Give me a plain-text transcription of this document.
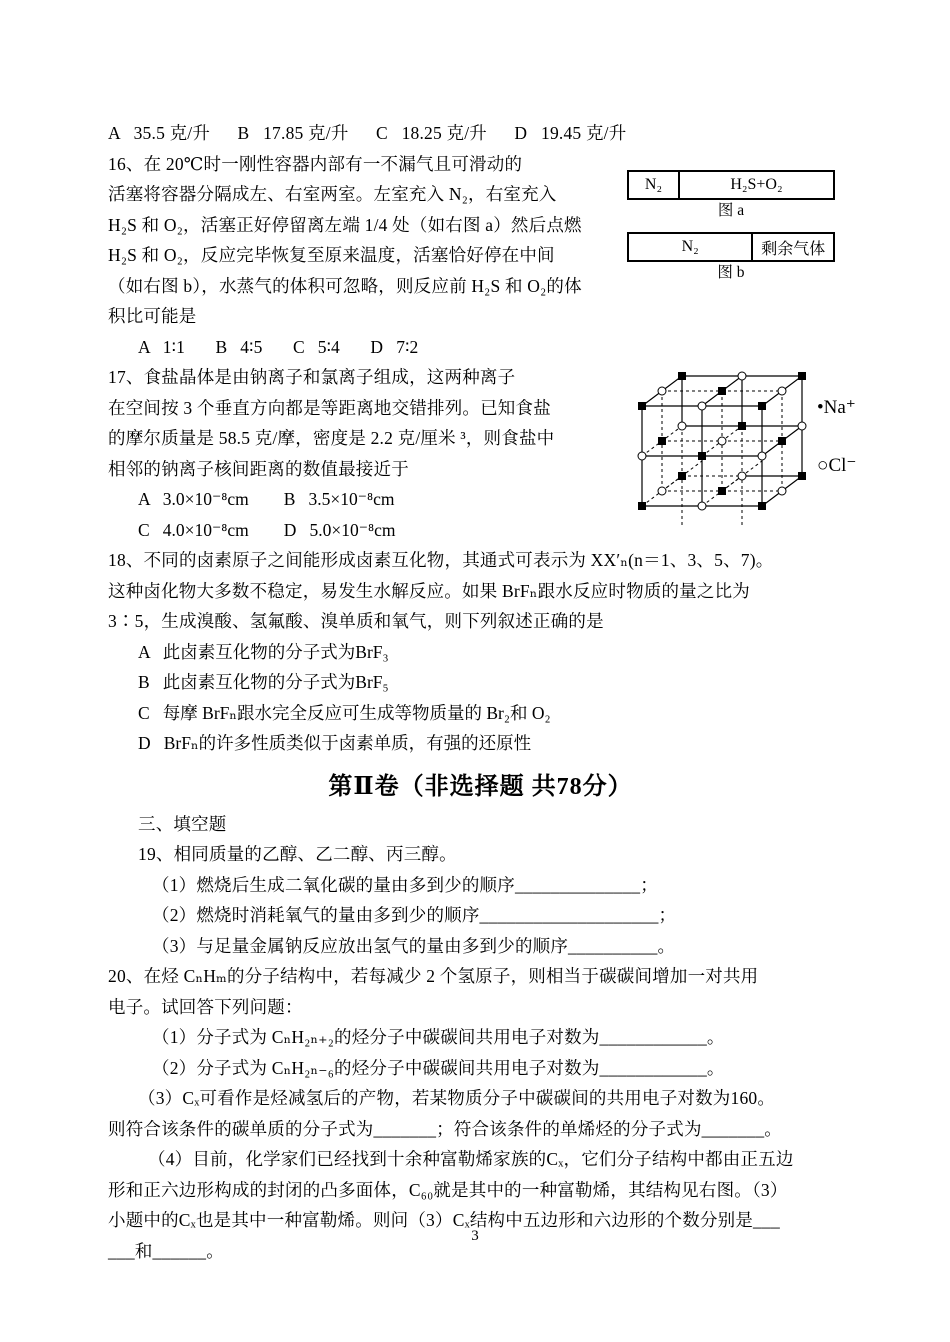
A   35.5 克/升      B   17.85 克/升      C   18.25 克/升      D   19.45 克/升
16、在 20℃时一刚性容器内部有一不漏气且可滑动的
活塞将容器分隔成左、右室两室。左室充入 N₂，右室充入
H₂S 和 O₂，活塞正好停留离左端 1/4 处（如右图 a）然后点燃
H₂S 和 O₂，反应完毕恢复至原来温度，活塞恰好停在中间
（如右图 b），水蒸气的体积可忽略，则反应前 H₂S 和 O₂的体
积比可能是
A   1∶1       B   4∶5       C   5∶4       D   7∶2
17、食盐晶体是由钠离子和氯离子组成，这两种离子
在空间按 3 个垂直方向都是等距离地交错排列。已知食盐
的摩尔质量是 58.5 克/摩，密度是 2.2 克/厘米 ³，则食盐中
相邻的钠离子核间距离的数值最接近于
A   3.0×10⁻⁸cm        B   3.5×10⁻⁸cm
C   4.0×10⁻⁸cm        D   5.0×10⁻⁸cm
18、不同的卤素原子之间能形成卤素互化物，其通式可表示为 XX′ₙ(n＝1、3、5、7)。
这种卤化物大多数不稳定，易发生水解反应。如果 BrFₙ跟水反应时物质的量之比为
3∶5，生成溴酸、氢氟酸、溴单质和氧气，则下列叙述正确的是
A   此卤素互化物的分子式为BrF₃
B   此卤素互化物的分子式为BrF₅
C   每摩 BrFₙ跟水完全反应可生成等物质量的 Br₂和 O₂
D   BrFₙ的许多性质类似于卤素单质，有强的还原性
第Ⅱ卷（非选择题 共78分）
三、填空题
19、相同质量的乙醇、乙二醇、丙三醇。
（1）燃烧后生成二氧化碳的量由多到少的顺序______________；
（2）燃烧时消耗氧气的量由多到少的顺序____________________；
（3）与足量金属钠反应放出氢气的量由多到少的顺序__________。
20、在烃 CₙHₘ的分子结构中，若每减少 2 个氢原子，则相当于碳碳间增加一对共用
电子。试回答下列问题：
（1）分子式为 CₙH₂ₙ₊₂的烃分子中碳碳间共用电子对数为____________。
（2）分子式为 CₙH₂ₙ₋₆的烃分子中碳碳间共用电子对数为____________。
（3）Cₓ可看作是烃减氢后的产物，若某物质分子中碳碳间的共用电子对数为160。
则符合该条件的碳单质的分子式为_______；符合该条件的单烯烃的分子式为_______。
（4）目前，化学家们已经找到十余种富勒烯家族的Cₓ，它们分子结构中都由正五边
形和正六边形构成的封闭的凸多面体，C₆₀就是其中的一种富勒烯，其结构见右图。（3）
小题中的Cₓ也是其中一种富勒烯。则问（3）Cₓ结构中五边形和六边形的个数分别是___
___和______。
N₂	H₂S+O₂
图 a
N₂	剩余气体
图 b
•Na⁺
○Cl⁻
3
